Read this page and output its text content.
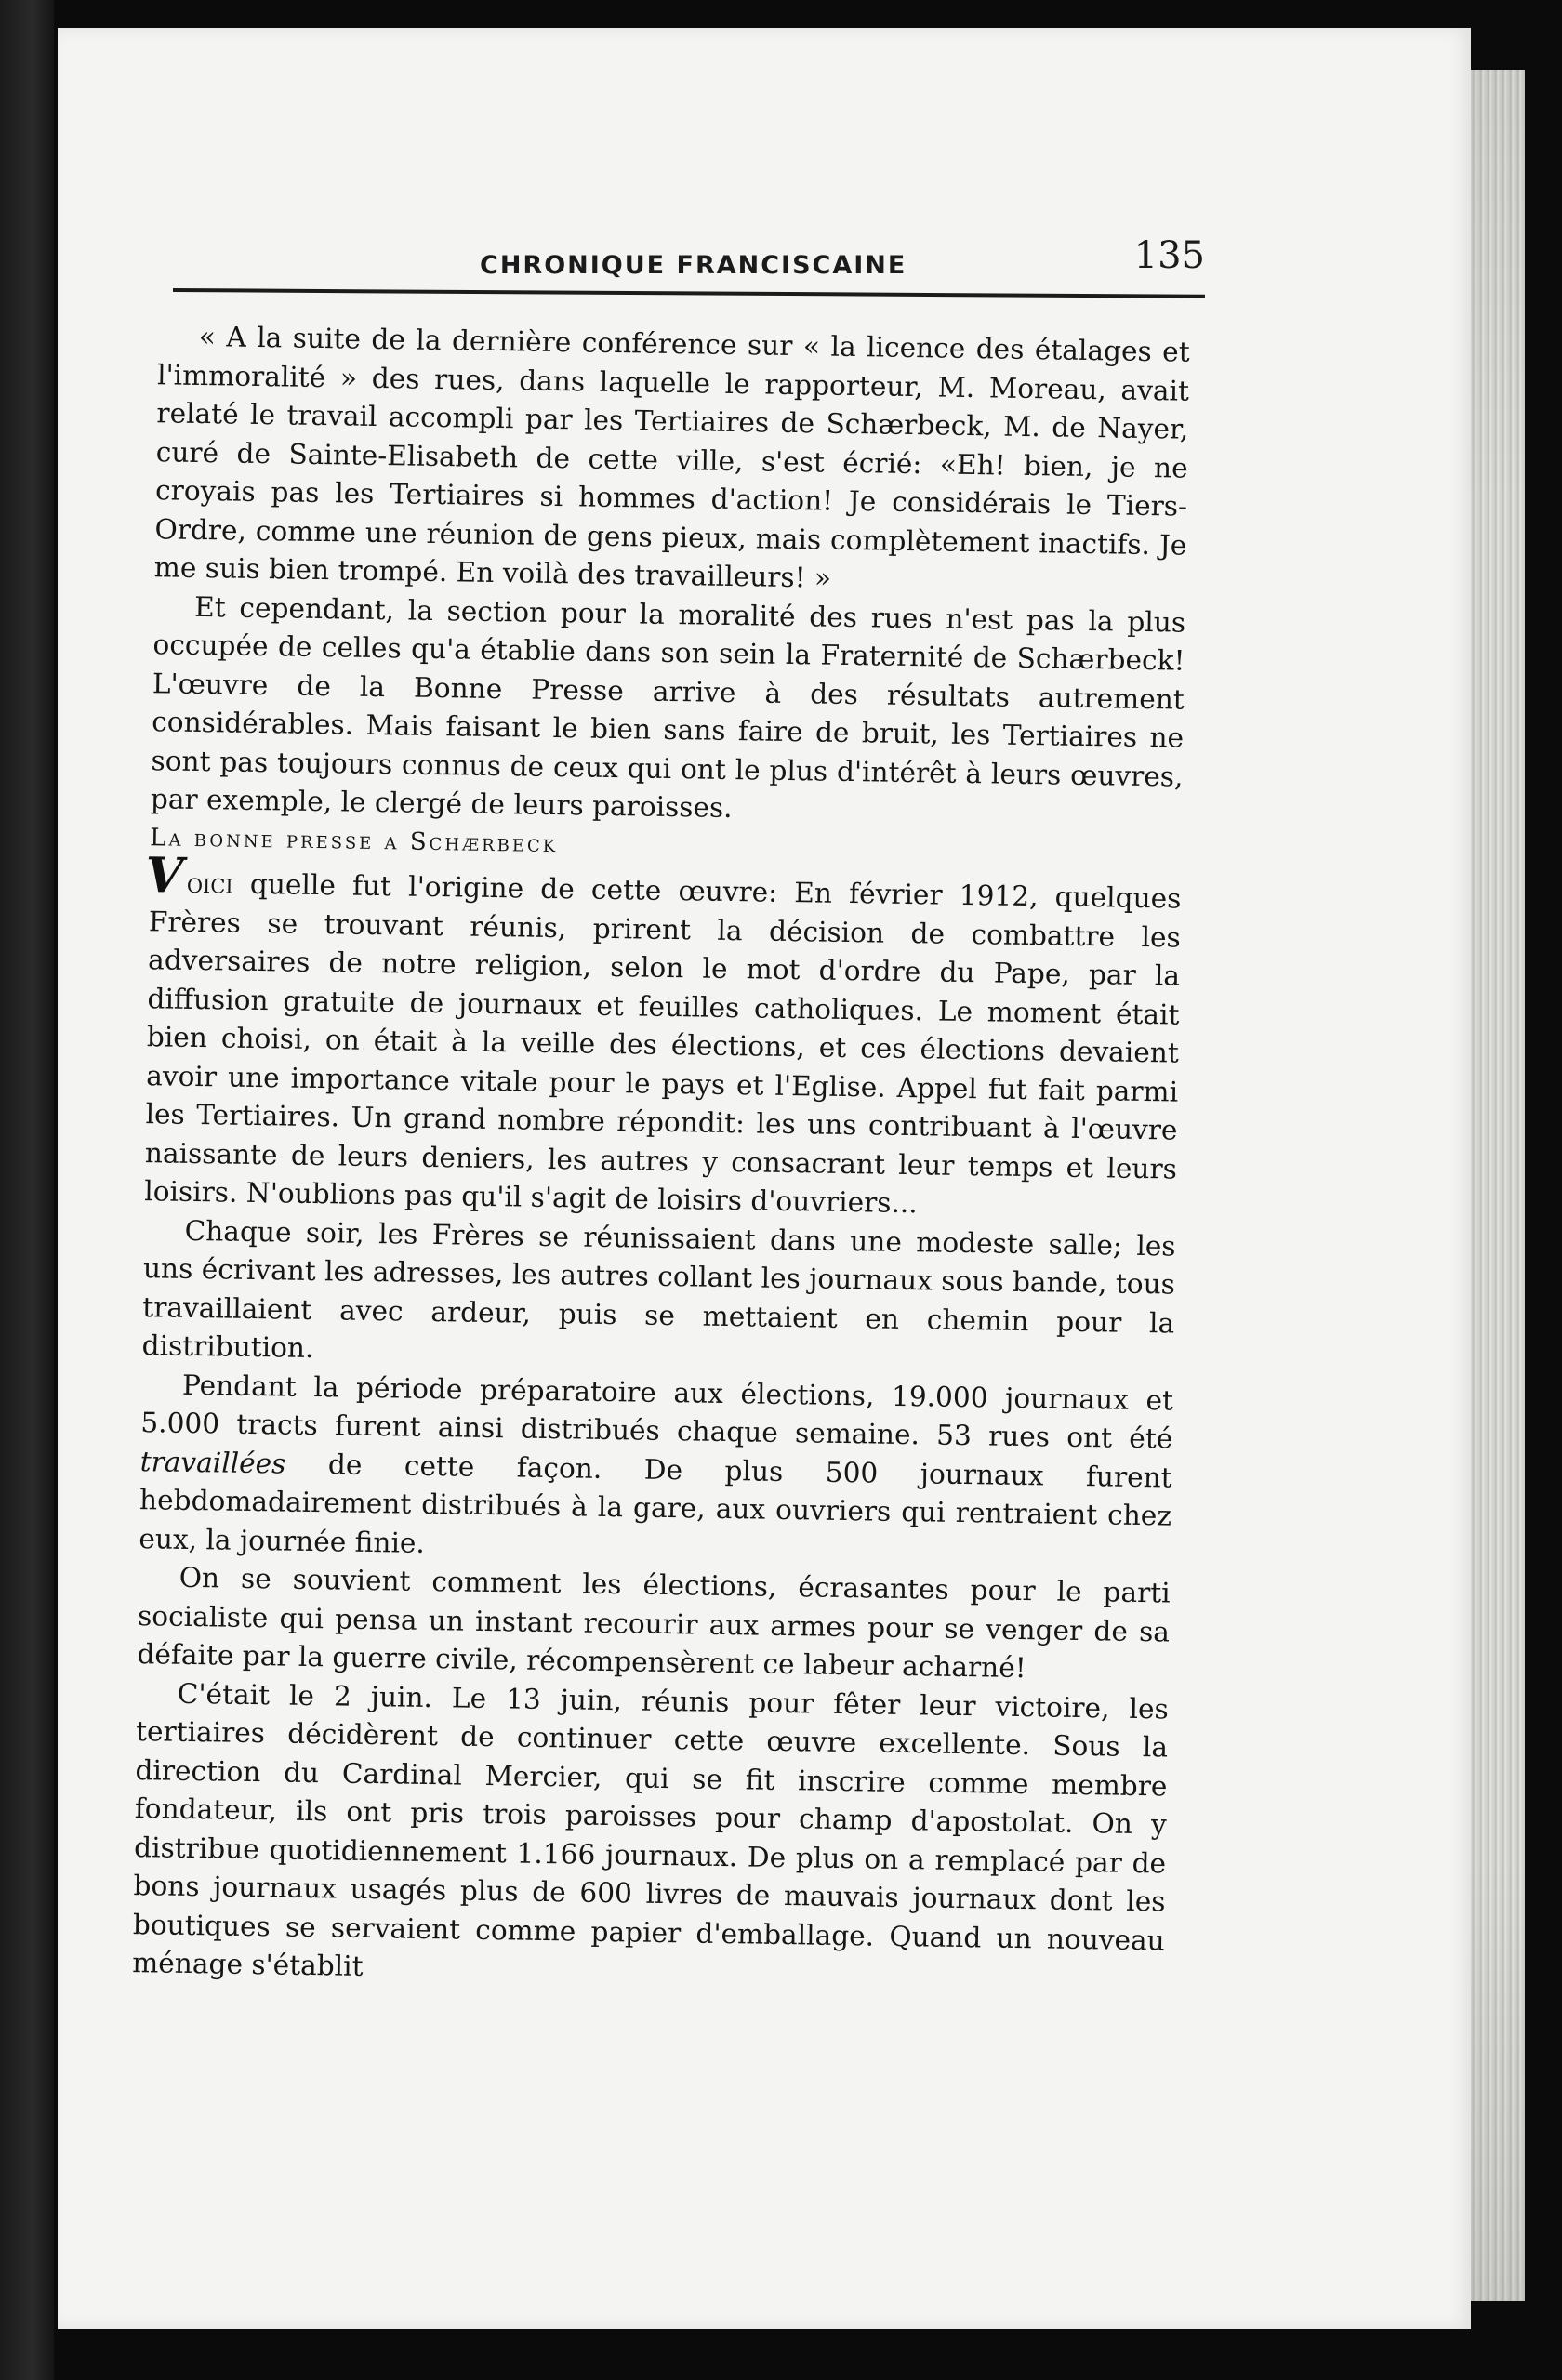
CHRONIQUE FRANCISCAINE	135

« A la suite de la dernière conférence sur « la licence des étalages et l'immoralité » des rues, dans laquelle le rapporteur, M. Moreau, avait relaté le travail accompli par les Tertiaires de Schærbeck, M. de Nayer, curé de Sainte-Elisabeth de cette ville, s'est écrié: «Eh! bien, je ne croyais pas les Tertiaires si hommes d'action! Je considérais le Tiers-Ordre, comme une réunion de gens pieux, mais complètement inactifs. Je me suis bien trompé. En voilà des travailleurs! »

Et cependant, la section pour la moralité des rues n'est pas la plus occupée de celles qu'a établie dans son sein la Fraternité de Schærbeck! L'œuvre de la Bonne Presse arrive à des résultats autrement considérables. Mais faisant le bien sans faire de bruit, les Tertiaires ne sont pas toujours connus de ceux qui ont le plus d'intérêt à leurs œuvres, par exemple, le clergé de leurs paroisses.

La bonne presse a Schærbeck

Voici quelle fut l'origine de cette œuvre: En février 1912, quelques Frères se trouvant réunis, prirent la décision de combattre les adversaires de notre religion, selon le mot d'ordre du Pape, par la diffusion gratuite de journaux et feuilles catholiques. Le moment était bien choisi, on était à la veille des élections, et ces élections devaient avoir une importance vitale pour le pays et l'Eglise. Appel fut fait parmi les Tertiaires. Un grand nombre répondit: les uns contribuant à l'œuvre naissante de leurs deniers, les autres y consacrant leur temps et leurs loisirs. N'oublions pas qu'il s'agit de loisirs d'ouvriers...

Chaque soir, les Frères se réunissaient dans une modeste salle; les uns écrivant les adresses, les autres collant les journaux sous bande, tous travaillaient avec ardeur, puis se mettaient en chemin pour la distribution.

Pendant la période préparatoire aux élections, 19.000 journaux et 5.000 tracts furent ainsi distribués chaque semaine. 53 rues ont été travaillées de cette façon. De plus 500 journaux furent hebdomadairement distribués à la gare, aux ouvriers qui rentraient chez eux, la journée finie.

On se souvient comment les élections, écrasantes pour le parti socialiste qui pensa un instant recourir aux armes pour se venger de sa défaite par la guerre civile, récompensèrent ce labeur acharné!

C'était le 2 juin. Le 13 juin, réunis pour fêter leur victoire, les tertiaires décidèrent de continuer cette œuvre excellente. Sous la direction du Cardinal Mercier, qui se fit inscrire comme membre fondateur, ils ont pris trois paroisses pour champ d'apostolat. On y distribue quotidiennement 1.166 journaux. De plus on a remplacé par de bons journaux usagés plus de 600 livres de mauvais journaux dont les boutiques se servaient comme papier d'emballage. Quand un nouveau ménage s'établit
